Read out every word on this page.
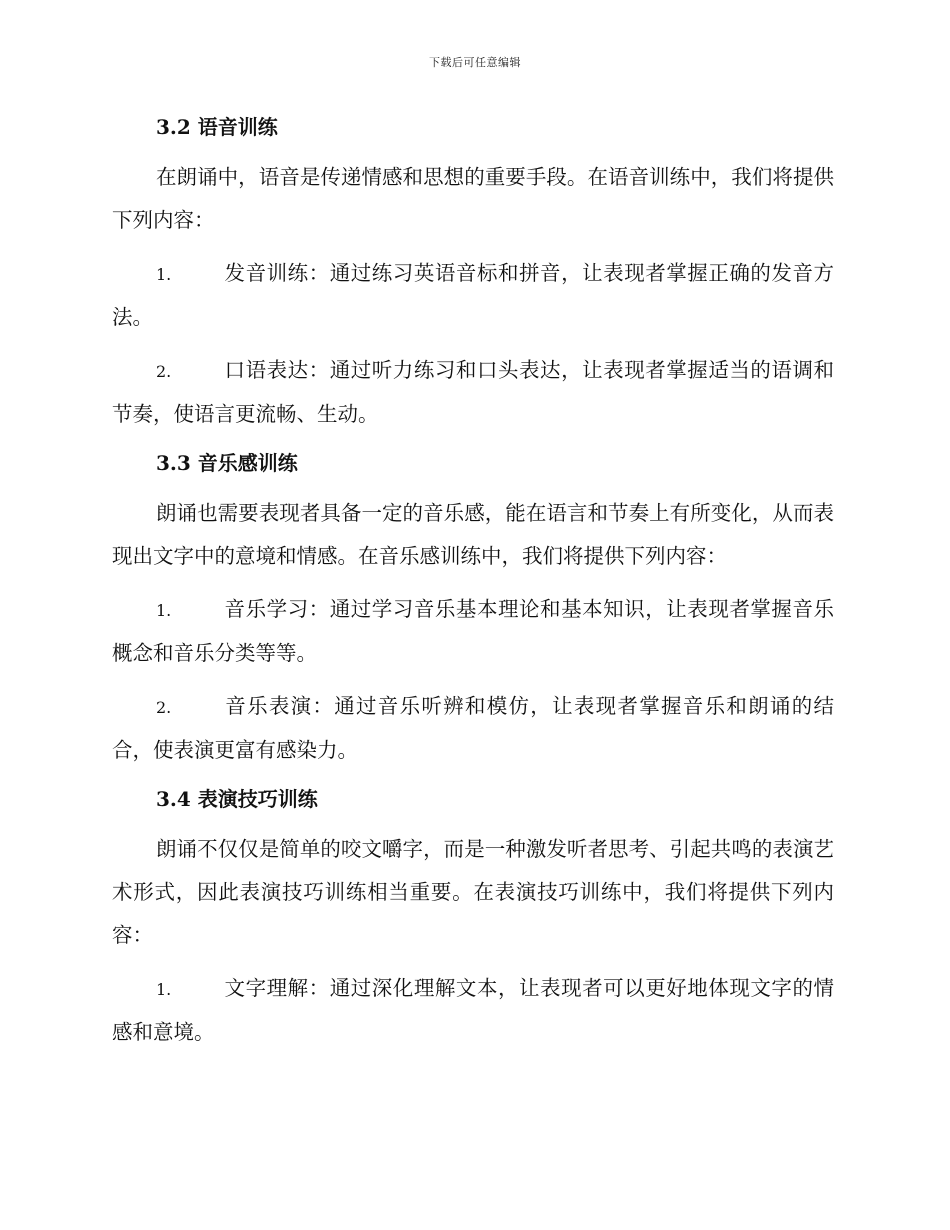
下载后可任意编辑
3.2 语音训练

在朗诵中，语音是传递情感和思想的重要手段。在语音训练中，我们将提供下列内容：

1.	发音训练：通过练习英语音标和拼音，让表现者掌握正确的发音方法。

2.	口语表达：通过听力练习和口头表达，让表现者掌握适当的语调和节奏，使语言更流畅、生动。

3.3 音乐感训练

朗诵也需要表现者具备一定的音乐感，能在语言和节奏上有所变化，从而表现出文字中的意境和情感。在音乐感训练中，我们将提供下列内容：

1.	音乐学习：通过学习音乐基本理论和基本知识，让表现者掌握音乐概念和音乐分类等等。

2.	音乐表演：通过音乐听辨和模仿，让表现者掌握音乐和朗诵的结合，使表演更富有感染力。

3.4 表演技巧训练

朗诵不仅仅是简单的咬文嚼字，而是一种激发听者思考、引起共鸣的表演艺术形式，因此表演技巧训练相当重要。在表演技巧训练中，我们将提供下列内容：

1.	文字理解：通过深化理解文本，让表现者可以更好地体现文字的情感和意境。
